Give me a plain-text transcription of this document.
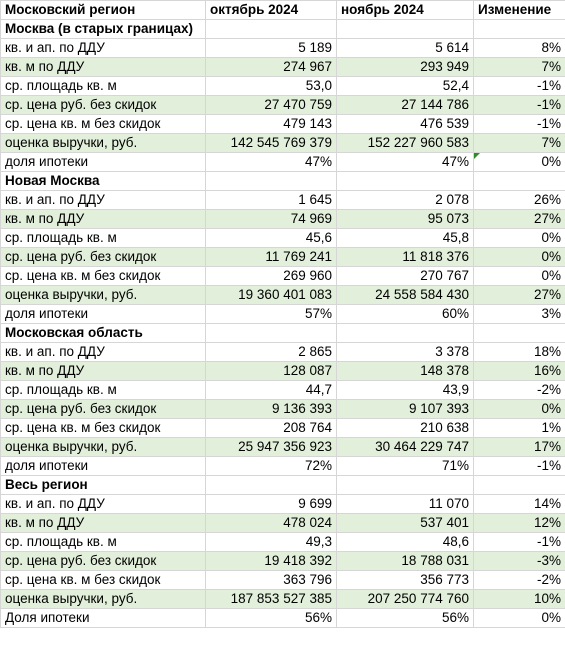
Московский регион	октябрь 2024	ноябрь 2024	Изменение
Москва (в старых границах)			
кв. и ап. по ДДУ	5 189	5 614	8%
кв. м по ДДУ	274 967	293 949	7%
ср. площадь кв. м	53,0	52,4	-1%
ср. цена руб. без скидок	27 470 759	27 144 786	-1%
ср. цена кв. м без скидок	479 143	476 539	-1%
оценка выручки, руб.	142 545 769 379	152 227 960 583	7%
доля ипотеки	47%	47%	0%
Новая Москва			
кв. и ап. по ДДУ	1 645	2 078	26%
кв. м по ДДУ	74 969	95 073	27%
ср. площадь кв. м	45,6	45,8	0%
ср. цена руб. без скидок	11 769 241	11 818 376	0%
ср. цена кв. м без скидок	269 960	270 767	0%
оценка выручки, руб.	19 360 401 083	24 558 584 430	27%
доля ипотеки	57%	60%	3%
Московская область			
кв. и ап. по ДДУ	2 865	3 378	18%
кв. м по ДДУ	128 087	148 378	16%
ср. площадь кв. м	44,7	43,9	-2%
ср. цена руб. без скидок	9 136 393	9 107 393	0%
ср. цена кв. м без скидок	208 764	210 638	1%
оценка выручки, руб.	25 947 356 923	30 464 229 747	17%
доля ипотеки	72%	71%	-1%
Весь регион			
кв. и ап. по ДДУ	9 699	11 070	14%
кв. м по ДДУ	478 024	537 401	12%
ср. площадь кв. м	49,3	48,6	-1%
ср. цена руб. без скидок	19 418 392	18 788 031	-3%
ср. цена кв. м без скидок	363 796	356 773	-2%
оценка выручки, руб.	187 853 527 385	207 250 774 760	10%
Доля ипотеки	56%	56%	0%
